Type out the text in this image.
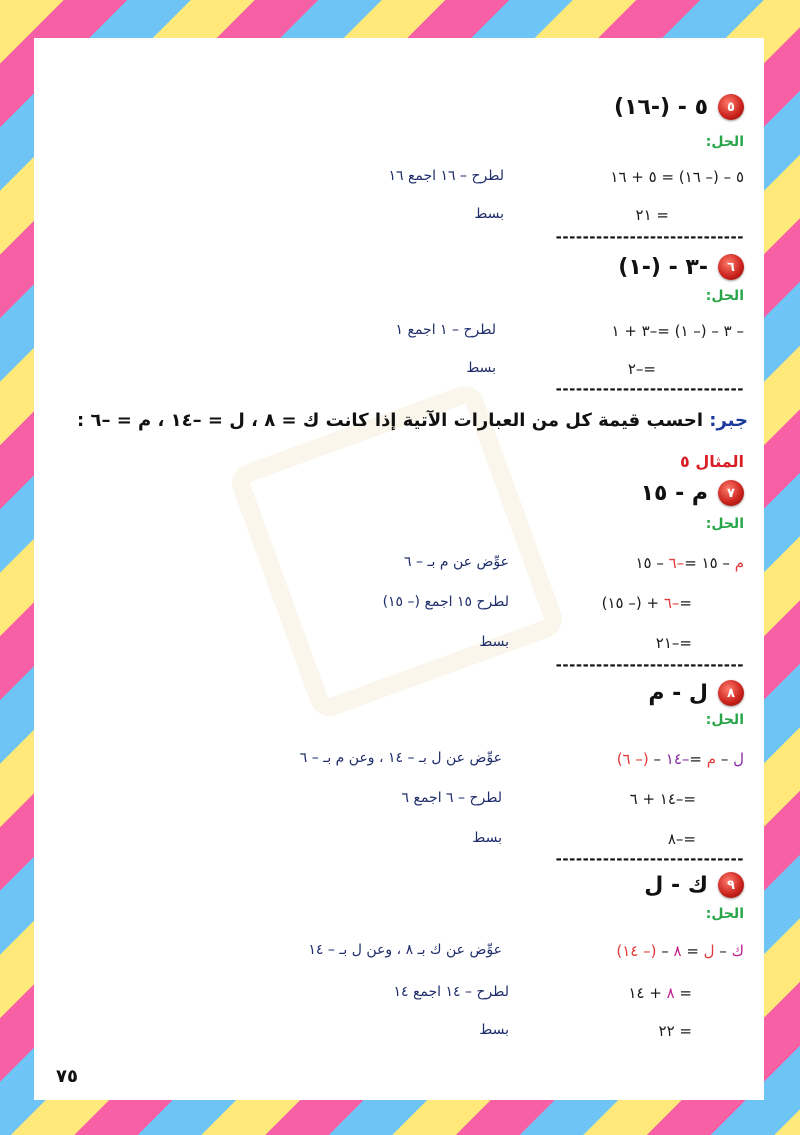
٥
٥ - (-١٦)
الحل:
٥ – (– ١٦) = ٥ + ١٦
لطرح – ١٦ اجمع ١٦
= ٢١
بسط
----------------------------
٦
-٣ - (-١)
الحل:
– ٣ – (– ١) =–٣ + ١
لطرح – ١ اجمع ١
=–٢
بسط
----------------------------
جبر: احسب قيمة كل من العبارات الآتية إذا كانت ك = ٨ ، ل = –١٤ ، م = –٦ :
المثال ٥
٧
م - ١٥
الحل:
م – ١٥ =–٦ – ١٥
عوِّض عن م بـ – ٦
=–٦ + (– ١٥)
لطرح ١٥ اجمع (– ١٥)
=–٢١
بسط
----------------------------
٨
ل - م
الحل:
ل – م =–١٤ – (– ٦)
عوِّض عن ل بـ – ١٤ ، وعن م بـ – ٦
=–١٤ + ٦
لطرح – ٦ اجمع ٦
=–٨
بسط
----------------------------
٩
ك - ل
الحل:
ك – ل = ٨ – (– ١٤)
عوِّض عن ك بـ ٨ ، وعن ل بـ – ١٤
= ٨ + ١٤
لطرح – ١٤ اجمع ١٤
= ٢٢
بسط
٧٥
